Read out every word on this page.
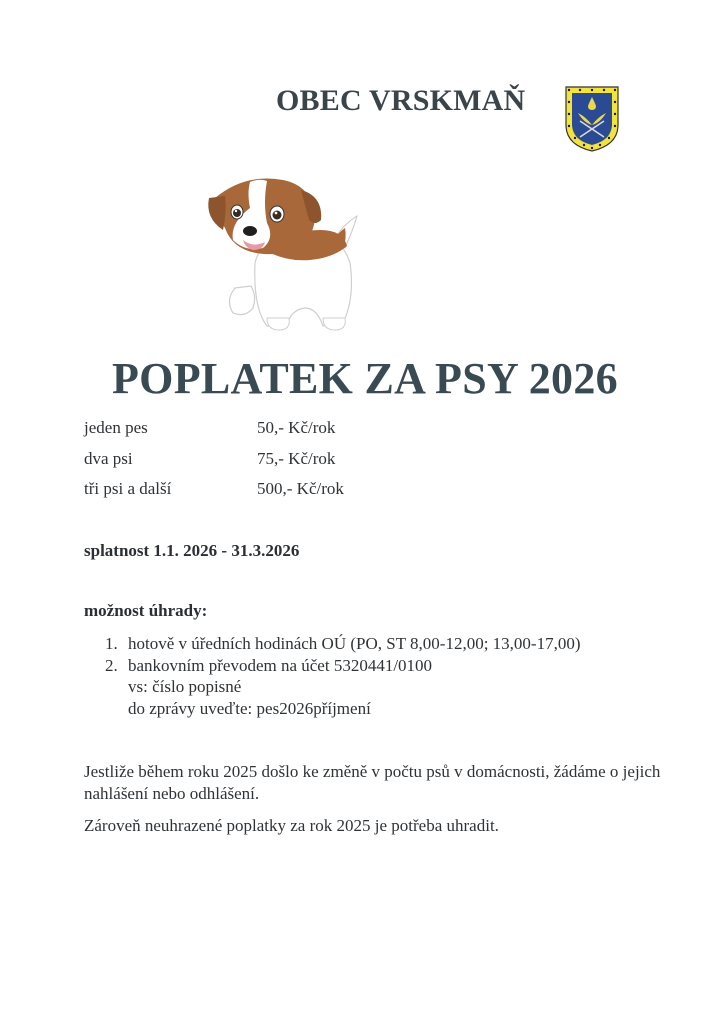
OBEC VRSKMAŇ
POPLATEK ZA PSY 2026
jeden pes	50,- Kč/rok
dva psi	75,- Kč/rok
tři psi a další	500,- Kč/rok
splatnost 1.1. 2026 - 31.3.2026
možnost úhrady:
1. hotově v úředních hodinách OÚ (PO, ST 8,00-12,00; 13,00-17,00)
2. bankovním převodem na účet 5320441/0100
vs: číslo popisné
do zprávy uveďte: pes2026příjmení
Jestliže během roku 2025 došlo ke změně v počtu psů v domácnosti, žádáme o jejich nahlášení nebo odhlášení.
Zároveň neuhrazené poplatky za rok 2025 je potřeba uhradit.
